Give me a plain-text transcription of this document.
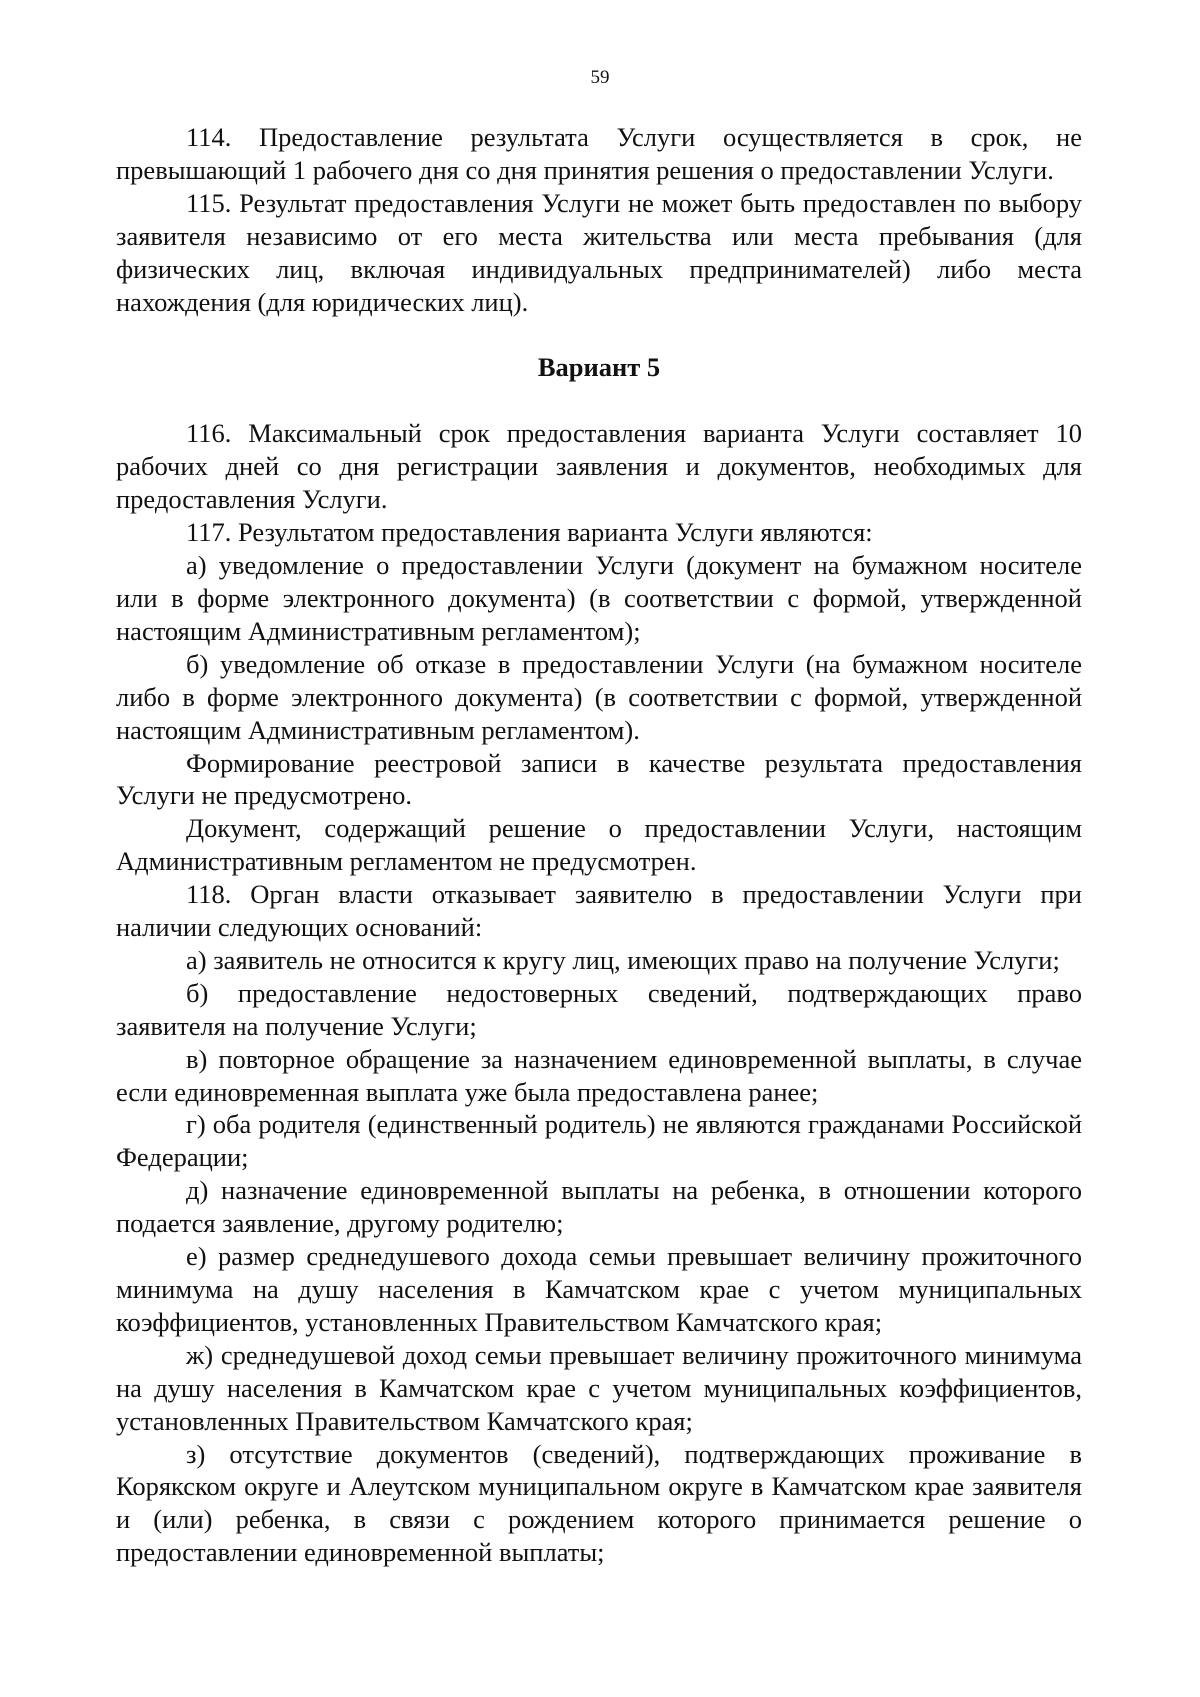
59

114. Предоставление результата Услуги осуществляется в срок, не превышающий 1 рабочего дня со дня принятия решения о предоставлении Услуги.

115. Результат предоставления Услуги не может быть предоставлен по выбору заявителя независимо от его места жительства или места пребывания (для физических лиц, включая индивидуальных предпринимателей) либо места нахождения (для юридических лиц).

Вариант 5

116. Максимальный срок предоставления варианта Услуги составляет 10 рабочих дней со дня регистрации заявления и документов, необходимых для предоставления Услуги.

117. Результатом предоставления варианта Услуги являются:

а) уведомление о предоставлении Услуги (документ на бумажном носителе или в форме электронного документа) (в соответствии с формой, утвержденной настоящим Административным регламентом);

б) уведомление об отказе в предоставлении Услуги (на бумажном носителе либо в форме электронного документа) (в соответствии с формой, утвержденной настоящим Административным регламентом).

Формирование реестровой записи в качестве результата предоставления Услуги не предусмотрено.

Документ, содержащий решение о предоставлении Услуги, настоящим Административным регламентом не предусмотрен.

118. Орган власти отказывает заявителю в предоставлении Услуги при наличии следующих оснований:

а) заявитель не относится к кругу лиц, имеющих право на получение Услуги;

б) предоставление недостоверных сведений, подтверждающих право заявителя на получение Услуги;

в) повторное обращение за назначением единовременной выплаты, в случае если единовременная выплата уже была предоставлена ранее;

г) оба родителя (единственный родитель) не являются гражданами Российской Федерации;

д) назначение единовременной выплаты на ребенка, в отношении которого подается заявление, другому родителю;

е) размер среднедушевого дохода семьи превышает величину прожиточного минимума на душу населения в Камчатском крае с учетом муниципальных коэффициентов, установленных Правительством Камчатского края;

ж) среднедушевой доход семьи превышает величину прожиточного минимума на душу населения в Камчатском крае с учетом муниципальных коэффициентов, установленных Правительством Камчатского края;

з) отсутствие документов (сведений), подтверждающих проживание в Корякском округе и Алеутском муниципальном округе в Камчатском крае заявителя и (или) ребенка, в связи с рождением которого принимается решение о предоставлении единовременной выплаты;
